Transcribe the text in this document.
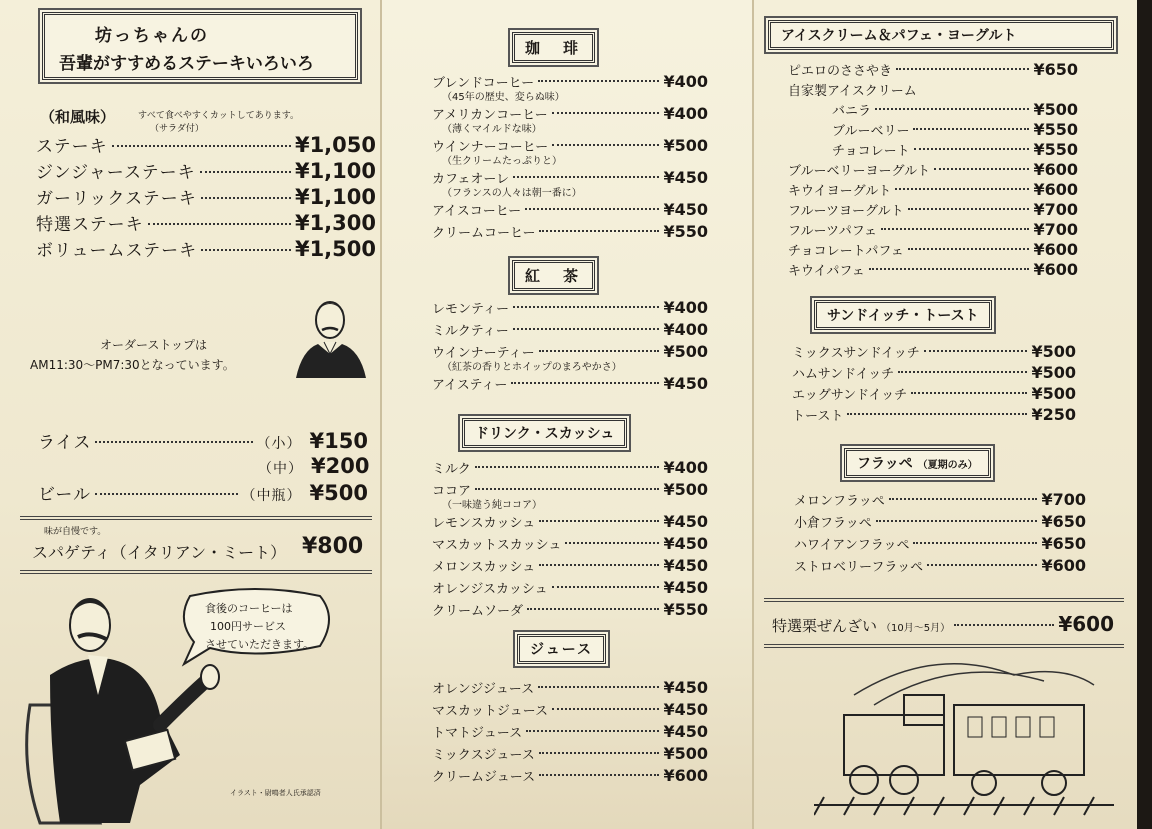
坊っちゃんの
吾輩がすすめるステーキいろいろ
（和風味）	すべて食べやすくカットしてあります。
（サラダ付）
ステーキ	¥1,050
ジンジャーステーキ	¥1,100
ガーリックステーキ	¥1,100
特選ステーキ	¥1,300
ボリュームステーキ	¥1,500
オーダーストップは
AM11:30～PM7:30となっています。
ライス	（小） ¥150
（中） ¥200
ビール	（中瓶） ¥500
味が自慢です。
スパゲティ（イタリアン・ミート） ¥800
食後のコーヒーは
100円サービス
させていただきます。
イラスト・尉鳴者人氏承認済
珈　琲
ブレンドコーヒー	¥400
（45年の歴史、変らぬ味）
アメリカンコーヒー	¥400
（薄くマイルドな味）
ウインナーコーヒー	¥500
（生クリームたっぷりと）
カフェオーレ	¥450
（フランスの人々は朝一番に）
アイスコーヒー	¥450
クリームコーヒー	¥550
紅　茶
レモンティー	¥400
ミルクティー	¥400
ウインナーティー	¥500
（紅茶の香りとホイップのまろやかさ）
アイスティー	¥450
ドリンク・スカッシュ
ミルク	¥400
ココア	¥500
（一味違う純ココア）
レモンスカッシュ	¥450
マスカットスカッシュ	¥450
メロンスカッシュ	¥450
オレンジスカッシュ	¥450
クリームソーダ	¥550
ジュース
オレンジジュース	¥450
マスカットジュース	¥450
トマトジュース	¥450
ミックスジュース	¥500
クリームジュース	¥600
アイスクリーム＆パフェ・ヨーグルト
ピエロのささやき	¥650
自家製アイスクリーム
バニラ	¥500
ブルーベリー	¥550
チョコレート	¥550
ブルーベリーヨーグルト	¥600
キウイヨーグルト	¥600
フルーツヨーグルト	¥700
フルーツパフェ	¥700
チョコレートパフェ	¥600
キウイパフェ	¥600
サンドイッチ・トースト
ミックスサンドイッチ	¥500
ハムサンドイッチ	¥500
エッグサンドイッチ	¥500
トースト	¥250
フラッペ （夏期のみ）
メロンフラッペ	¥700
小倉フラッペ	¥650
ハワイアンフラッペ	¥650
ストロベリーフラッペ	¥600
特選栗ぜんざい （10月～5月）	¥600
